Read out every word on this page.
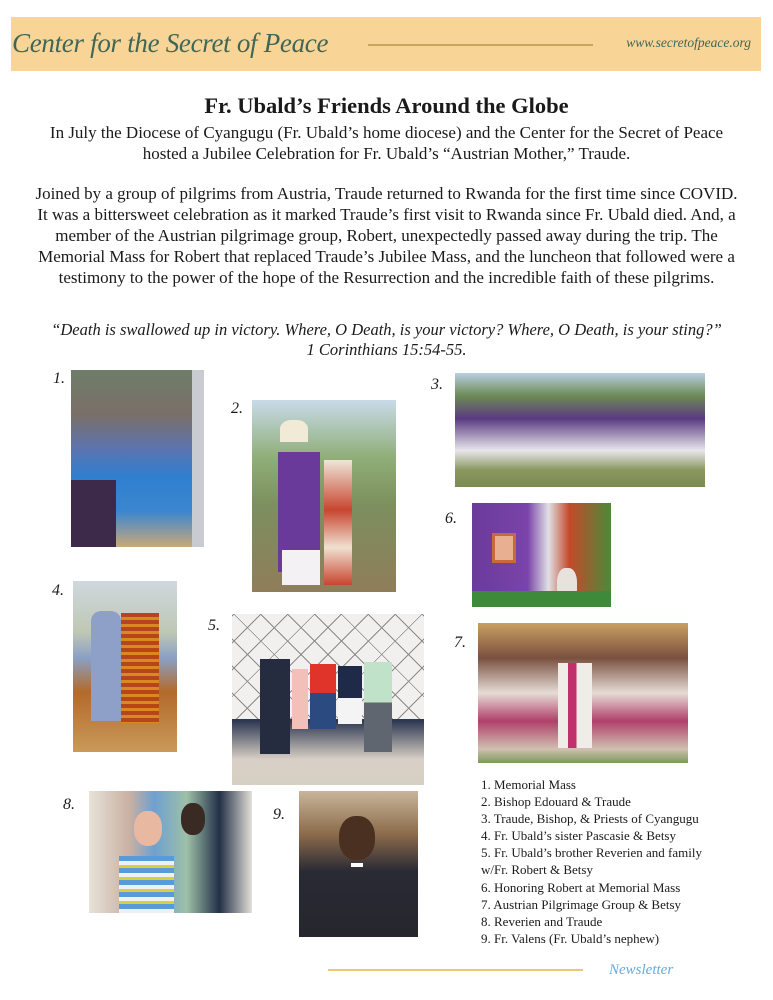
Center for the Secret of Peace	www.secretofpeace.org
Fr. Ubald’s Friends Around the Globe
In July the Diocese of Cyangugu (Fr. Ubald’s home diocese) and the Center for the Secret of Peace hosted a Jubilee Celebration for Fr. Ubald’s “Austrian Mother,” Traude.
Joined by a group of pilgrims from Austria, Traude returned to Rwanda for the first time since COVID. It was a bittersweet celebration as it marked Traude’s first visit to Rwanda since Fr. Ubald died. And, a member of the Austrian pilgrimage group, Robert, unexpectedly passed away during the trip. The Memorial Mass for Robert that replaced Traude’s Jubilee Mass, and the luncheon that followed were a testimony to the power of the hope of the Resurrection and the incredible faith of these pilgrims.
“Death is swallowed up in victory. Where, O Death, is your victory? Where, O Death, is your sting?”
1 Corinthians 15:54-55.
1.
2.
3.
4.
5.
6.
7.
8.
9.
1. Memorial Mass
2. Bishop Edouard & Traude
3. Traude, Bishop, & Priests of Cyangugu
4. Fr. Ubald’s sister Pascasie & Betsy
5. Fr. Ubald’s brother Reverien and family
w/Fr. Robert & Betsy
6. Honoring Robert at Memorial Mass
7. Austrian Pilgrimage Group & Betsy
8. Reverien and Traude
9. Fr. Valens (Fr. Ubald’s nephew)
Newsletter
